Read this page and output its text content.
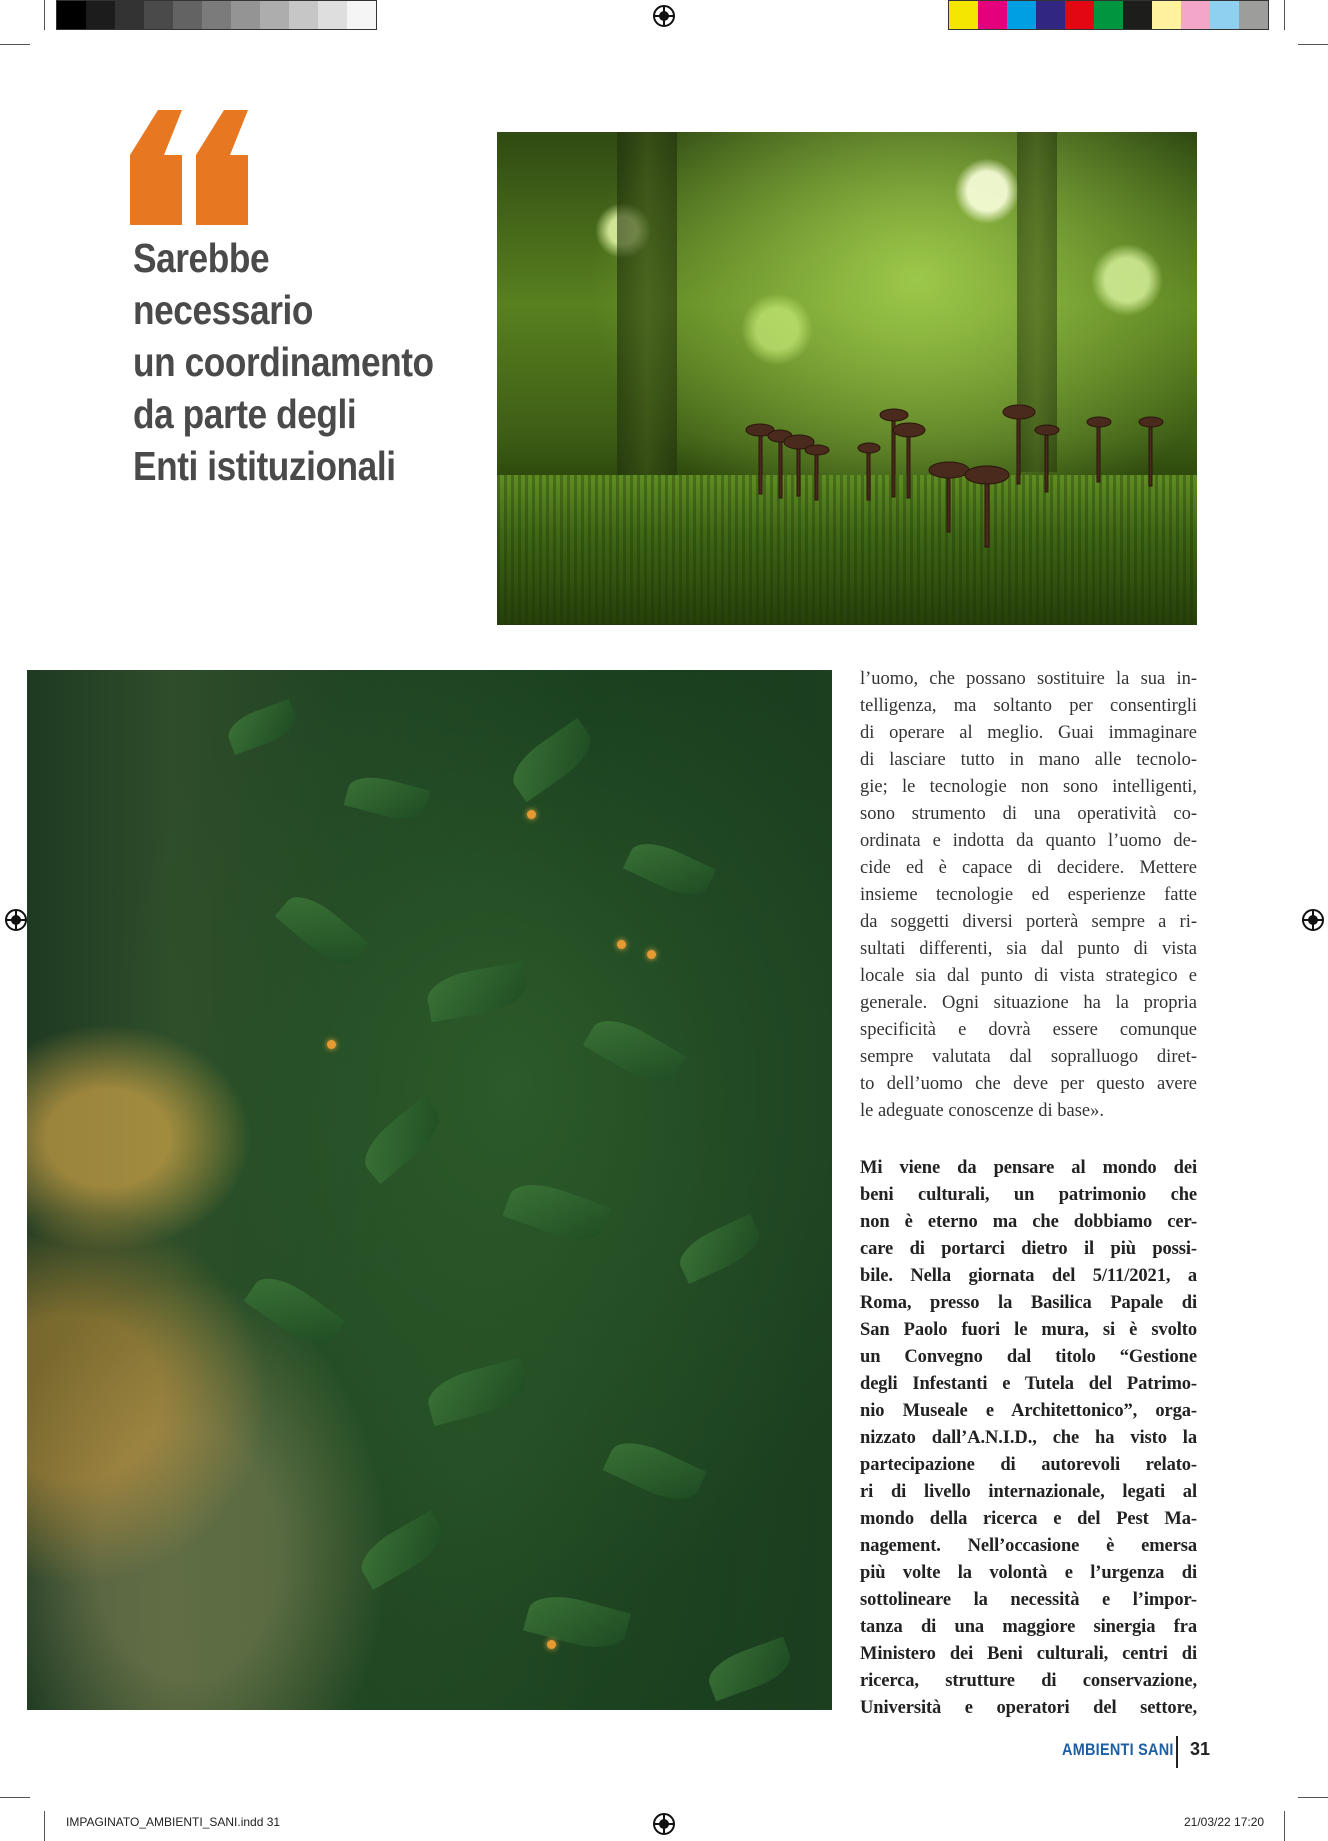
Sarebbe
necessario
un coordinamento
da parte degli
Enti istituzionali
l’uomo, che possano sostituire la sua in-
telligenza, ma soltanto per consentirgli
di operare al meglio. Guai immaginare
di lasciare tutto in mano alle tecnolo-
gie; le tecnologie non sono intelligenti,
sono strumento di una operatività co-
ordinata e indotta da quanto l’uomo de-
cide ed è capace di decidere. Mettere
insieme tecnologie ed esperienze fatte
da soggetti diversi porterà sempre a ri-
sultati differenti, sia dal punto di vista
locale sia dal punto di vista strategico e
generale. Ogni situazione ha la propria
specificità e dovrà essere comunque
sempre valutata dal sopralluogo diret-
to dell’uomo che deve per questo avere
le adeguate conoscenze di base».
Mi viene da pensare al mondo dei
beni culturali, un patrimonio che
non è eterno ma che dobbiamo cer-
care di portarci dietro il più possi-
bile. Nella giornata del 5/11/2021, a
Roma, presso la Basilica Papale di
San Paolo fuori le mura, si è svolto
un Convegno dal titolo “Gestione
degli Infestanti e Tutela del Patrimo-
nio Museale e Architettonico”, orga-
nizzato dall’A.N.I.D., che ha visto la
partecipazione di autorevoli relato-
ri di livello internazionale, legati al
mondo della ricerca e del Pest Ma-
nagement. Nell’occasione è emersa
più volte la volontà e l’urgenza di
sottolineare la necessità e l’impor-
tanza di una maggiore sinergia fra
Ministero dei Beni culturali, centri di
ricerca, strutture di conservazione,
Università e operatori del settore,
AMBIENTI SANI 31
IMPAGINATO_AMBIENTI_SANI.indd 31	21/03/22 17:20
